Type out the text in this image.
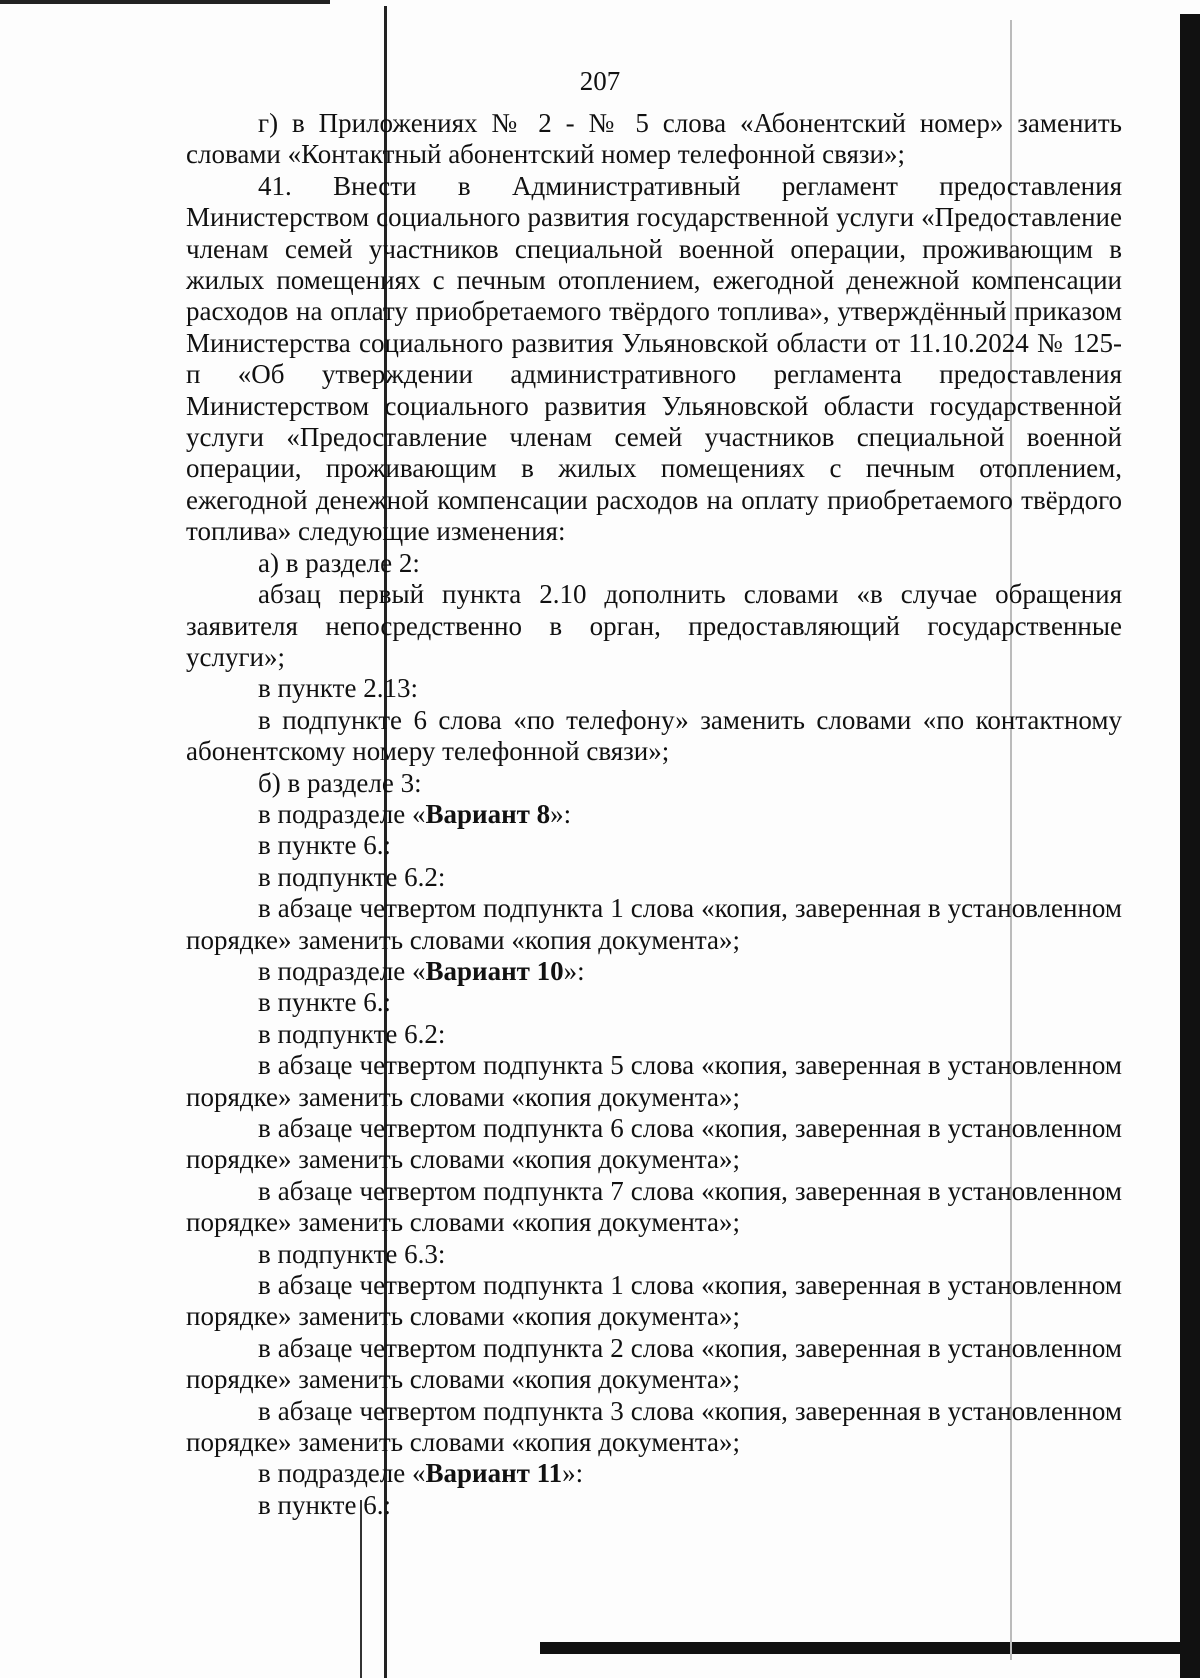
207

г) в Приложениях № 2 - № 5 слова «Абонентский номер» заменить словами «Контактный абонентский номер телефонной связи»;

41. Внести в Административный регламент предоставления Министерством социального развития государственной услуги «Предоставление членам семей участников специальной военной операции, проживающим в жилых помещениях с печным отоплением, ежегодной денежной компенсации расходов на оплату приобретаемого твёрдого топлива», утверждённый приказом Министерства социального развития Ульяновской области от 11.10.2024 № 125-п «Об утверждении административного регламента предоставления Министерством социального развития Ульяновской области государственной услуги «Предоставление членам семей участников специальной военной операции, проживающим в жилых помещениях с печным отоплением, ежегодной денежной компенсации расходов на оплату приобретаемого твёрдого топлива» следующие изменения:

а) в разделе 2:

абзац первый пункта 2.10 дополнить словами «в случае обращения заявителя непосредственно в орган, предоставляющий государственные услуги»;

в пункте 2.13:

в подпункте 6 слова «по телефону» заменить словами «по контактному абонентскому номеру телефонной связи»;

б) в разделе 3:

в подразделе «Вариант 8»:

в пункте 6.:

в подпункте 6.2:

в абзаце четвертом подпункта 1 слова «копия, заверенная в установленном порядке» заменить словами «копия документа»;

в подразделе «Вариант 10»:

в пункте 6.:

в подпункте 6.2:

в абзаце четвертом подпункта 5 слова «копия, заверенная в установленном порядке» заменить словами «копия документа»;

в абзаце четвертом подпункта 6 слова «копия, заверенная в установленном порядке» заменить словами «копия документа»;

в абзаце четвертом подпункта 7 слова «копия, заверенная в установленном порядке» заменить словами «копия документа»;

в подпункте 6.3:

в абзаце четвертом подпункта 1 слова «копия, заверенная в установленном порядке» заменить словами «копия документа»;

в абзаце четвертом подпункта 2 слова «копия, заверенная в установленном порядке» заменить словами «копия документа»;

в абзаце четвертом подпункта 3 слова «копия, заверенная в установленном порядке» заменить словами «копия документа»;

в подразделе «Вариант 11»:

в пункте 6.:
